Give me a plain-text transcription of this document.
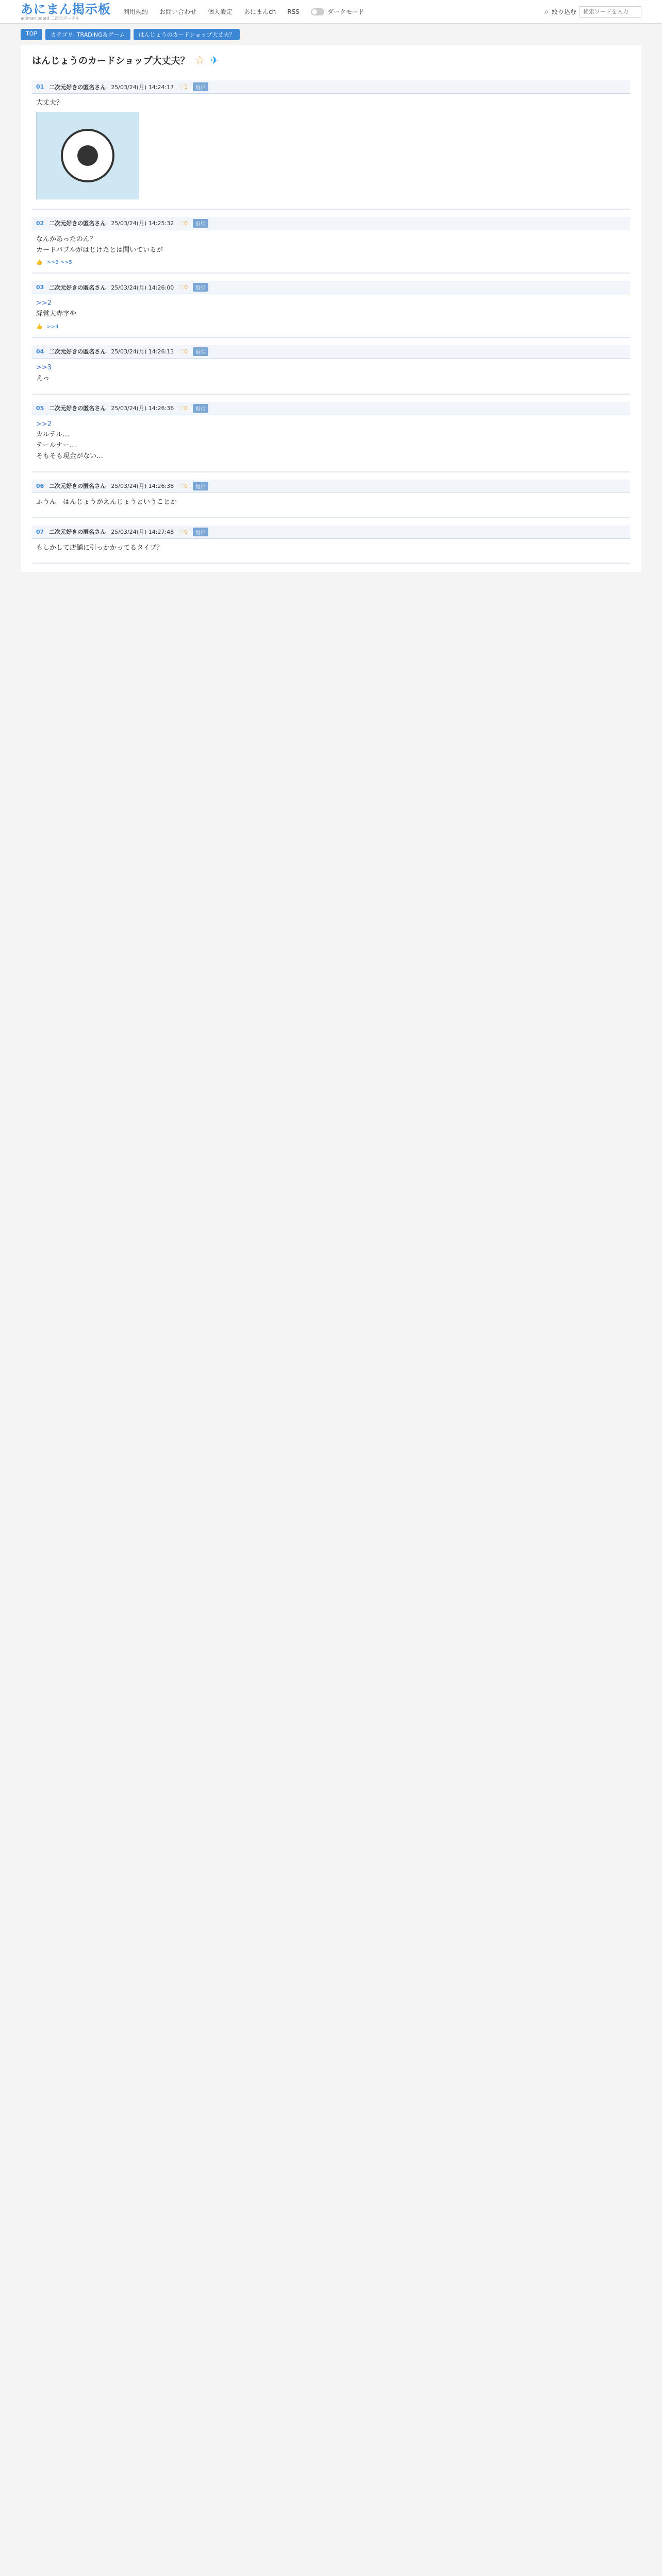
あにまん掲示板
animan board 二次元ポータル
利用規約 お問い合わせ 個人設定 あにまんch RSS	ダークモード	⌕ 絞り込む
検索ワードを入力
TOP	カテゴリ: TRADING＆ゲーム	はんじょうのカードショップ大丈夫？
はんじょうのカードショップ大丈夫？ ☆ ✈
01 二次元好きの匿名さん 25/03/24(月) 14:24:17 ♡1	返信
大丈夫？
02 二次元好きの匿名さん 25/03/24(月) 14:25:32 ♡0	返信
なんかあったのん？
カードバブルがはじけたとは聞いているが
👍 >>3 >>5
03 二次元好きの匿名さん 25/03/24(月) 14:26:00 ♡0	返信
>>2
経営大赤字や
👍 >>4
04 二次元好きの匿名さん 25/03/24(月) 14:26:13 ♡0	返信
>>3
えっ
05 二次元好きの匿名さん 25/03/24(月) 14:26:36 ♡0	返信
>>2
カルテル…
テールナー…
そもそも現金がない…
06 二次元好きの匿名さん 25/03/24(月) 14:26:38 ♡0	返信
ふうん　はんじょうがえんじょうということか
07 二次元好きの匿名さん 25/03/24(月) 14:27:48 ♡0	返信
もしかして店舗に引っかかってるタイプ？
